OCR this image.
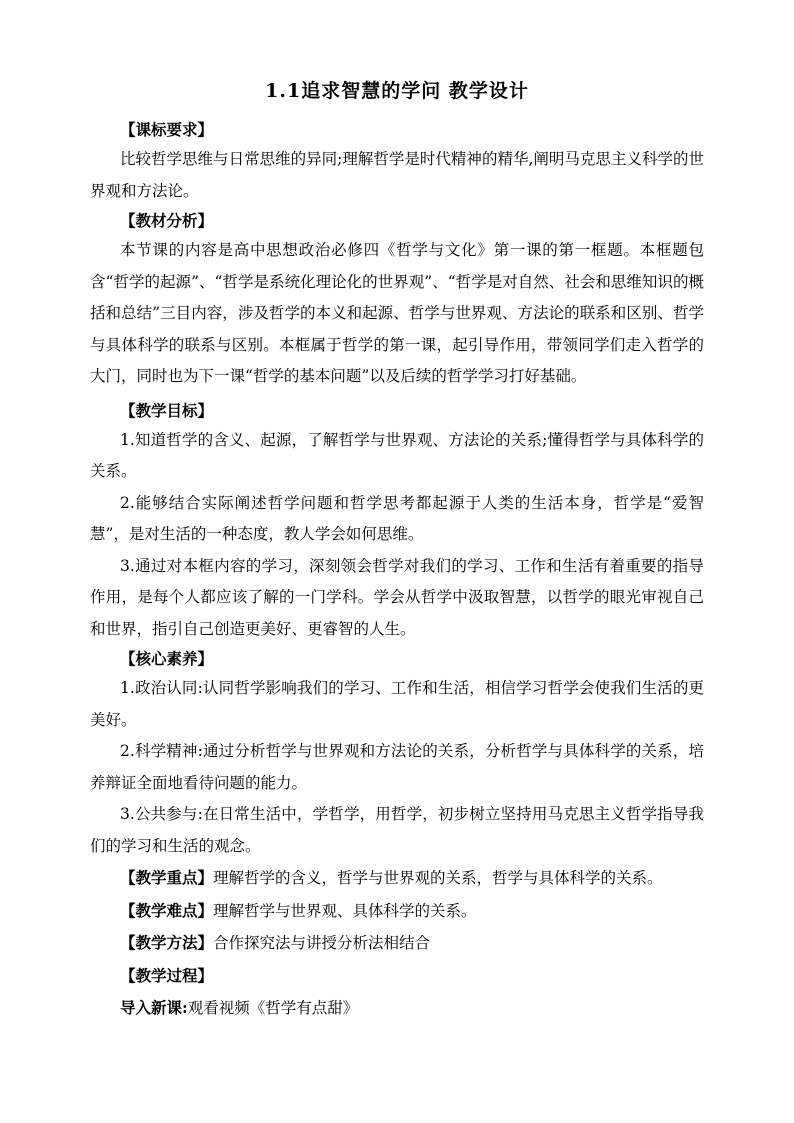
1.1追求智慧的学问 教学设计

【课标要求】

比较哲学思维与日常思维的异同;理解哲学是时代精神的精华,阐明马克思主义科学的世界观和方法论。

【教材分析】

本节课的内容是高中思想政治必修四《哲学与文化》第一课的第一框题。本框题包含“哲学的起源”、“哲学是系统化理论化的世界观”、“哲学是对自然、社会和思维知识的概括和总结”三目内容，涉及哲学的本义和起源、哲学与世界观、方法论的联系和区别、哲学与具体科学的联系与区别。本框属于哲学的第一课，起引导作用，带领同学们走入哲学的大门，同时也为下一课“哲学的基本问题”以及后续的哲学学习打好基础。

【教学目标】

1.知道哲学的含义、起源，了解哲学与世界观、方法论的关系;懂得哲学与具体科学的关系。

2.能够结合实际阐述哲学问题和哲学思考都起源于人类的生活本身，哲学是“爱智慧”，是对生活的一种态度，教人学会如何思维。

3.通过对本框内容的学习，深刻领会哲学对我们的学习、工作和生活有着重要的指导作用，是每个人都应该了解的一门学科。学会从哲学中汲取智慧，以哲学的眼光审视自己和世界，指引自己创造更美好、更睿智的人生。

【核心素养】

1.政治认同:认同哲学影响我们的学习、工作和生活，相信学习哲学会使我们生活的更美好。

2.科学精神:通过分析哲学与世界观和方法论的关系，分析哲学与具体科学的关系，培养辩证全面地看待问题的能力。

3.公共参与:在日常生活中，学哲学，用哲学，初步树立坚持用马克思主义哲学指导我们的学习和生活的观念。

【教学重点】理解哲学的含义，哲学与世界观的关系，哲学与具体科学的关系。

【教学难点】理解哲学与世界观、具体科学的关系。

【教学方法】合作探究法与讲授分析法相结合

【教学过程】

导入新课:观看视频《哲学有点甜》
